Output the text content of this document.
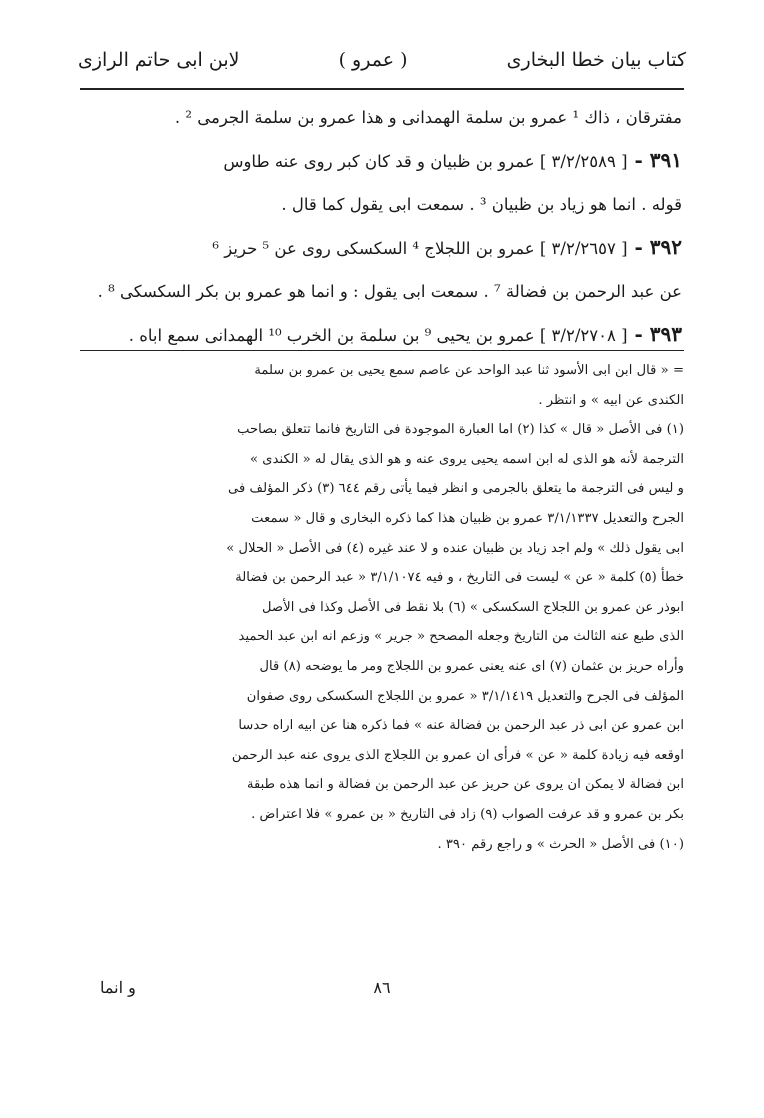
كتاب بيان خطا البخارى
( عمرو )
لابن ابى حاتم الرازى
مفترقان ، ذاك ¹ عمرو بن سلمة الهمدانى و هذا عمرو بن سلمة الجرمى ² .
٣٩١ - [ ٣/٢/٢٥٨٩ ] عمرو بن ظبيان و قد كان كبر روى عنه طاوس
قوله . انما هو زياد بن ظبيان ³ . سمعت ابى يقول كما قال .
٣٩٢ - [ ٣/٢/٢٦٥٧ ] عمرو بن اللجلاج ⁴ السكسكى روى عن ⁵ حريز ⁶
عن عبد الرحمن بن فضالة ⁷ . سمعت ابى يقول : و انما هو عمرو بن بكر السكسكى ⁸ .
٣٩٣ - [ ٣/٢/٢٧٠٨ ] عمرو بن يحيى ⁹ بن سلمة بن الخرب ¹⁰ الهمدانى سمع اباه .
= « قال ابن ابى الأسود ثنا عبد الواحد عن عاصم سمع يحيى بن عمرو بن سلمة
الكندى عن ابيه » و انتظر .
(١) فى الأصل « قال » كذا (٢) اما العبارة الموجودة فى التاريخ فانما تتعلق بصاحب
الترجمة لأنه هو الذى له ابن اسمه يحيى يروى عنه و هو الذى يقال له « الكندى »
و ليس فى الترجمة ما يتعلق بالجرمى و انظر فيما يأتى رقم ٦٤٤ (٣) ذكر المؤلف فى
الجرح والتعديل ٣/١/١٣٣٧ عمرو بن ظبيان هذا كما ذكره البخارى و قال « سمعت
ابى يقول ذلك » ولم اجد زياد بن ظبيان عنده و لا عند غيره (٤) فى الأصل « الحلال »
خطأ (٥) كلمة « عن » ليست فى التاريخ ، و فيه ٣/١/١٠٧٤ « عبد الرحمن بن فضالة
ابوذر عن عمرو بن اللجلاج السكسكى » (٦) بلا نقط فى الأصل وكذا فى الأصل
الذى طبع عنه الثالث من التاريخ وجعله المصحح « جرير » وزعم انه ابن عبد الحميد
وأراه حريز بن عثمان (٧) اى عنه يعنى عمرو بن اللجلاج ومر ما يوضحه (٨) قال
المؤلف فى الجرح والتعديل ٣/١/١٤١٩ « عمرو بن اللجلاج السكسكى روى صفوان
ابن عمرو عن ابى ذر عبد الرحمن بن فضالة عنه » فما ذكره هنا عن ابيه اراه حدسا
اوقعه فيه زيادة كلمة « عن » فرأى ان عمرو بن اللجلاج الذى يروى عنه عبد الرحمن
ابن فضالة لا يمكن ان يروى عن حريز عن عبد الرحمن بن فضالة و انما هذه طبقة
بكر بن عمرو و قد عرفت الصواب (٩) زاد فى التاريخ « بن عمرو » فلا اعتراض .
(١٠) فى الأصل « الحرث » و راجع رقم ٣٩٠ .
٨٦
و انما
